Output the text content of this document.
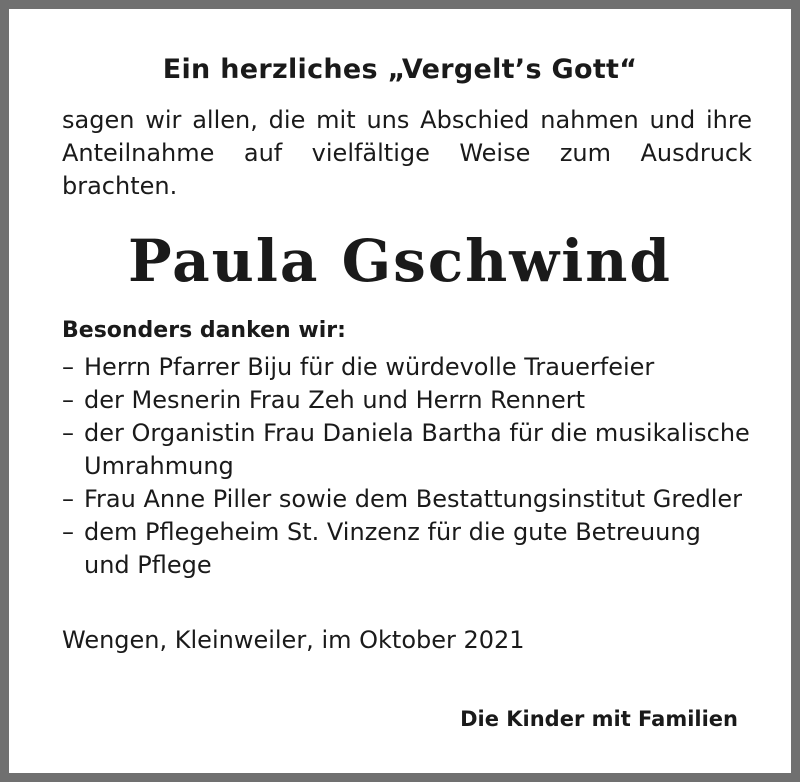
Ein herzliches „Vergelt’s Gott“
sagen wir allen, die mit uns Abschied nahmen und ihre Anteilnahme auf vielfältige Weise zum Ausdruck brachten.
Paula Gschwind
Besonders danken wir:
– Herrn Pfarrer Biju für die würdevolle Trauerfeier
– der Mesnerin Frau Zeh und Herrn Rennert
– der Organistin Frau Daniela Bartha für die musikalische Umrahmung
– Frau Anne Piller sowie dem Bestattungsinstitut Gredler
– dem Pflegeheim St. Vinzenz für die gute Betreuung und Pflege
Wengen, Kleinweiler, im Oktober 2021
Die Kinder mit Familien
